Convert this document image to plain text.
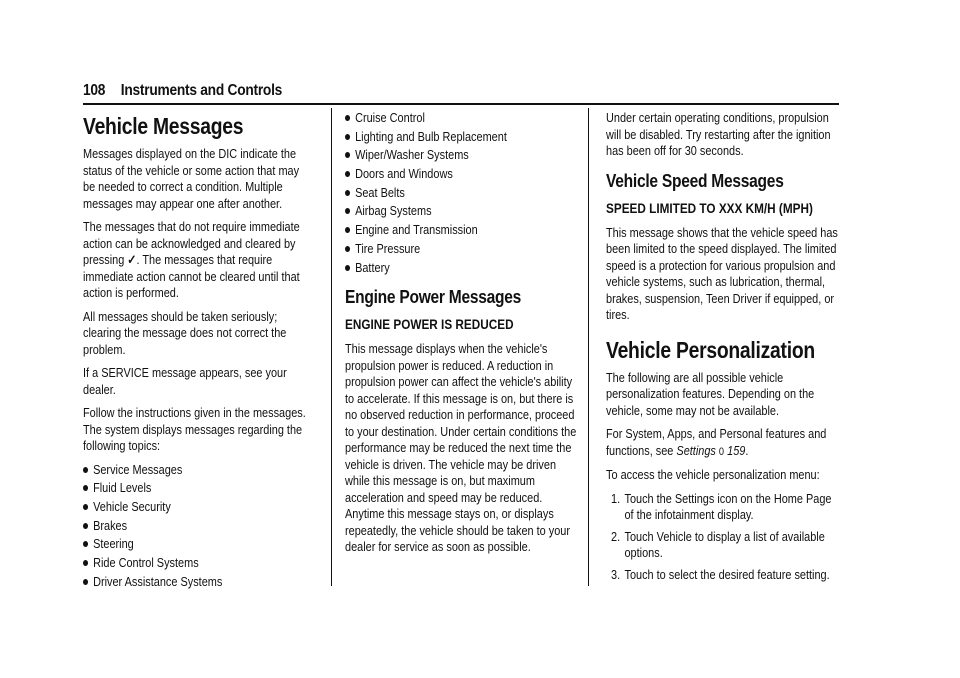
108 Instruments and Controls
Vehicle Messages

Messages displayed on the DIC indicate the status of the vehicle or some action that may be needed to correct a condition. Multiple messages may appear one after another.

The messages that do not require immediate action can be acknowledged and cleared by pressing ✓. The messages that require immediate action cannot be cleared until that action is performed.

All messages should be taken seriously; clearing the message does not correct the problem.

If a SERVICE message appears, see your dealer.

Follow the instructions given in the messages. The system displays messages regarding the following topics:

Service Messages
Fluid Levels
Vehicle Security
Brakes
Steering
Ride Control Systems
Driver Assistance Systems
Cruise Control
Lighting and Bulb Replacement
Wiper/Washer Systems
Doors and Windows
Seat Belts
Airbag Systems
Engine and Transmission
Tire Pressure
Battery
Engine Power Messages
ENGINE POWER IS REDUCED

This message displays when the vehicle's propulsion power is reduced. A reduction in propulsion power can affect the vehicle's ability to accelerate. If this message is on, but there is no observed reduction in performance, proceed to your destination. Under certain conditions the performance may be reduced the next time the vehicle is driven. The vehicle may be driven while this message is on, but maximum acceleration and speed may be reduced. Anytime this message stays on, or displays repeatedly, the vehicle should be taken to your dealer for service as soon as possible.

Under certain operating conditions, propulsion will be disabled. Try restarting after the ignition has been off for 30 seconds.

Vehicle Speed Messages
SPEED LIMITED TO XXX KM/H (MPH)

This message shows that the vehicle speed has been limited to the speed displayed. The limited speed is a protection for various propulsion and vehicle systems, such as lubrication, thermal, brakes, suspension, Teen Driver if equipped, or tires.

Vehicle Personalization

The following are all possible vehicle personalization features. Depending on the vehicle, some may not be available.

For System, Apps, and Personal features and functions, see Settings 0 159.

To access the vehicle personalization menu:

1. Touch the Settings icon on the Home Page of the infotainment display.
2. Touch Vehicle to display a list of available options.
3. Touch to select the desired feature setting.
